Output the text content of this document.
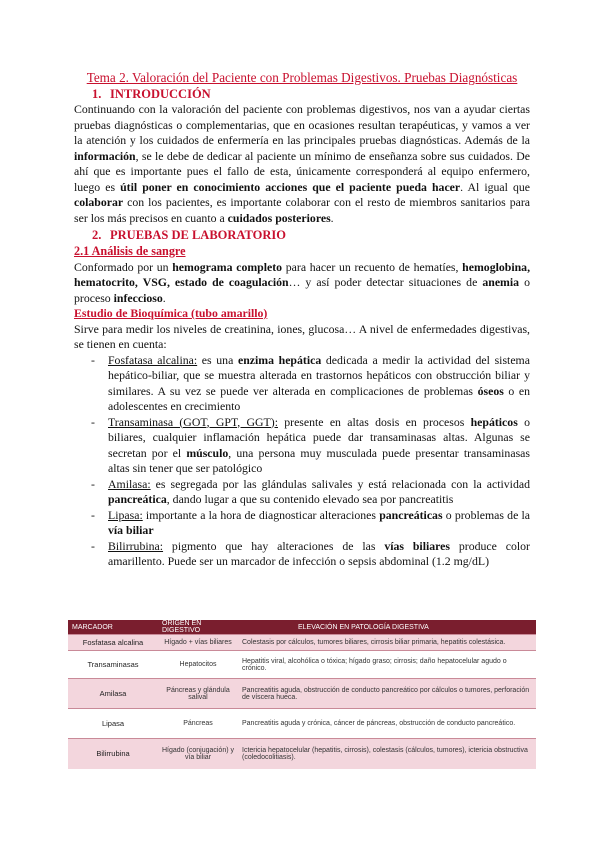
Tema 2. Valoración del Paciente con Problemas Digestivos. Pruebas Diagnósticas
1. INTRODUCCIÓN

Continuando con la valoración del paciente con problemas digestivos, nos van a ayudar ciertas pruebas diagnósticas o complementarias, que en ocasiones resultan terapéuticas, y vamos a ver la atención y los cuidados de enfermería en las principales pruebas diagnósticas. Además de la información, se le debe de dedicar al paciente un mínimo de enseñanza sobre sus cuidados. De ahí que es importante pues el fallo de esta, únicamente corresponderá al equipo enfermero, luego es útil poner en conocimiento acciones que el paciente pueda hacer. Al igual que colaborar con los pacientes, es importante colaborar con el resto de miembros sanitarios para ser los más precisos en cuanto a cuidados posteriores.

2. PRUEBAS DE LABORATORIO
2.1 Análisis de sangre

Conformado por un hemograma completo para hacer un recuento de hematíes, hemoglobina, hematocrito, VSG, estado de coagulación… y así poder detectar situaciones de anemia o proceso infeccioso.

Estudio de Bioquímica (tubo amarillo)

Sirve para medir los niveles de creatinina, iones, glucosa… A nivel de enfermedades digestivas, se tienen en cuenta:

- Fosfatasa alcalina: es una enzima hepática dedicada a medir la actividad del sistema hepático-biliar, que se muestra alterada en trastornos hepáticos con obstrucción biliar y similares. A su vez se puede ver alterada en complicaciones de problemas óseos o en adolescentes en crecimiento
- Transaminasa (GOT, GPT, GGT): presente en altas dosis en procesos hepáticos o biliares, cualquier inflamación hepática puede dar transaminasas altas. Algunas se secretan por el músculo, una persona muy musculada puede presentar transaminasas altas sin tener que ser patológico
- Amilasa: es segregada por las glándulas salivales y está relacionada con la actividad pancreática, dando lugar a que su contenido elevado sea por pancreatitis
- Lipasa: importante a la hora de diagnosticar alteraciones pancreáticas o problemas de la vía biliar
- Bilirrubina: pigmento que hay alteraciones de las vías biliares produce color amarillento. Puede ser un marcador de infección o sepsis abdominal (1.2 mg/dL)
MARCADOR	ORIGEN EN DIGESTIVO	ELEVACIÓN EN PATOLOGÍA DIGESTIVA
Fosfatasa alcalina	Hígado + vías biliares	Colestasis por cálculos, tumores biliares, cirrosis biliar primaria, hepatitis colestásica.
Transaminasas	Hepatocitos	Hepatitis viral, alcohólica o tóxica; hígado graso; cirrosis; daño hepatocelular agudo o crónico.
Amilasa	Páncreas y glándula salival	Pancreatitis aguda, obstrucción de conducto pancreático por cálculos o tumores, perforación de víscera hueca.
Lipasa	Páncreas	Pancreatitis aguda y crónica, cáncer de páncreas, obstrucción de conducto pancreático.
Bilirrubina	Hígado (conjugación) y vía biliar	Ictericia hepatocelular (hepatitis, cirrosis), colestasis (cálculos, tumores), ictericia obstructiva (coledocolitiasis).
